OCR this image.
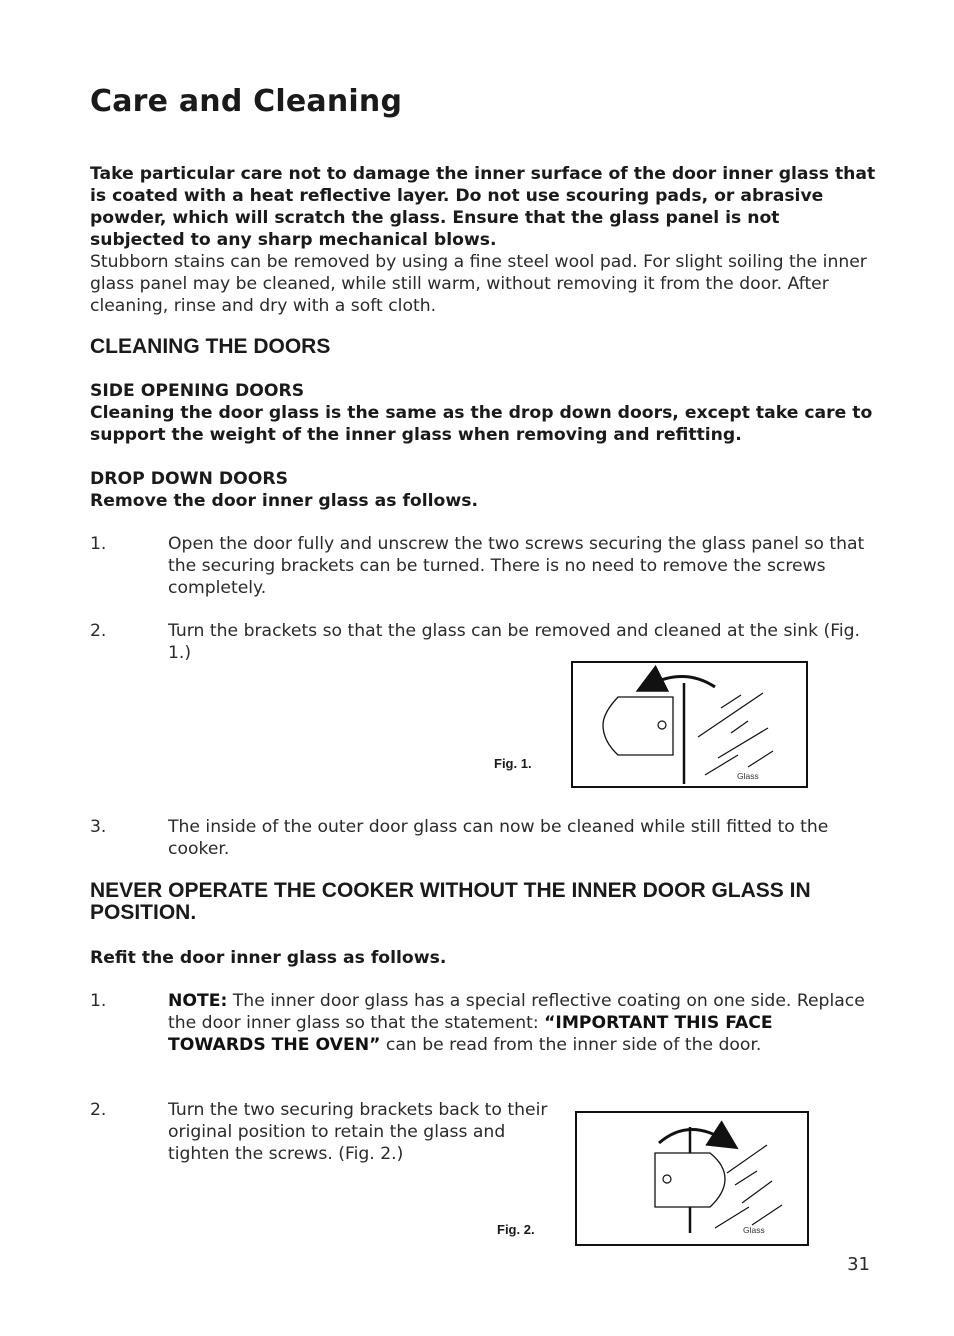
Care and Cleaning
Take particular care not to damage the inner surface of the door inner glass that is coated with a heat reflective layer. Do not use scouring pads, or abrasive powder, which will scratch the glass. Ensure that the glass panel is not subjected to any sharp mechanical blows.
Stubborn stains can be removed by using a fine steel wool pad. For slight soiling the inner glass panel may be cleaned, while still warm, without removing it from the door. After cleaning, rinse and dry with a soft cloth.
CLEANING THE DOORS
SIDE OPENING DOORS
Cleaning the door glass is the same as the drop down doors, except take care to support the weight of the inner glass when removing and refitting.
DROP DOWN DOORS
Remove the door inner glass as follows.
1.	Open the door fully and unscrew the two screws securing the glass panel so that the securing brackets can be turned. There is no need to remove the screws completely.
2.	Turn the brackets so that the glass can be removed and cleaned at the sink (Fig. 1.)
Fig. 1.
Glass
3.	The inside of the outer door glass can now be cleaned while still fitted to the cooker.
NEVER OPERATE THE COOKER WITHOUT THE INNER DOOR GLASS IN POSITION.
Refit the door inner glass as follows.
1.	NOTE: The inner door glass has a special reflective coating on one side. Replace the door inner glass so that the statement: “IMPORTANT THIS FACE TOWARDS THE OVEN” can be read from the inner side of the door.
2.	Turn the two securing brackets back to their original position to retain the glass and tighten the screws. (Fig. 2.)
Fig. 2.	Glass
31
